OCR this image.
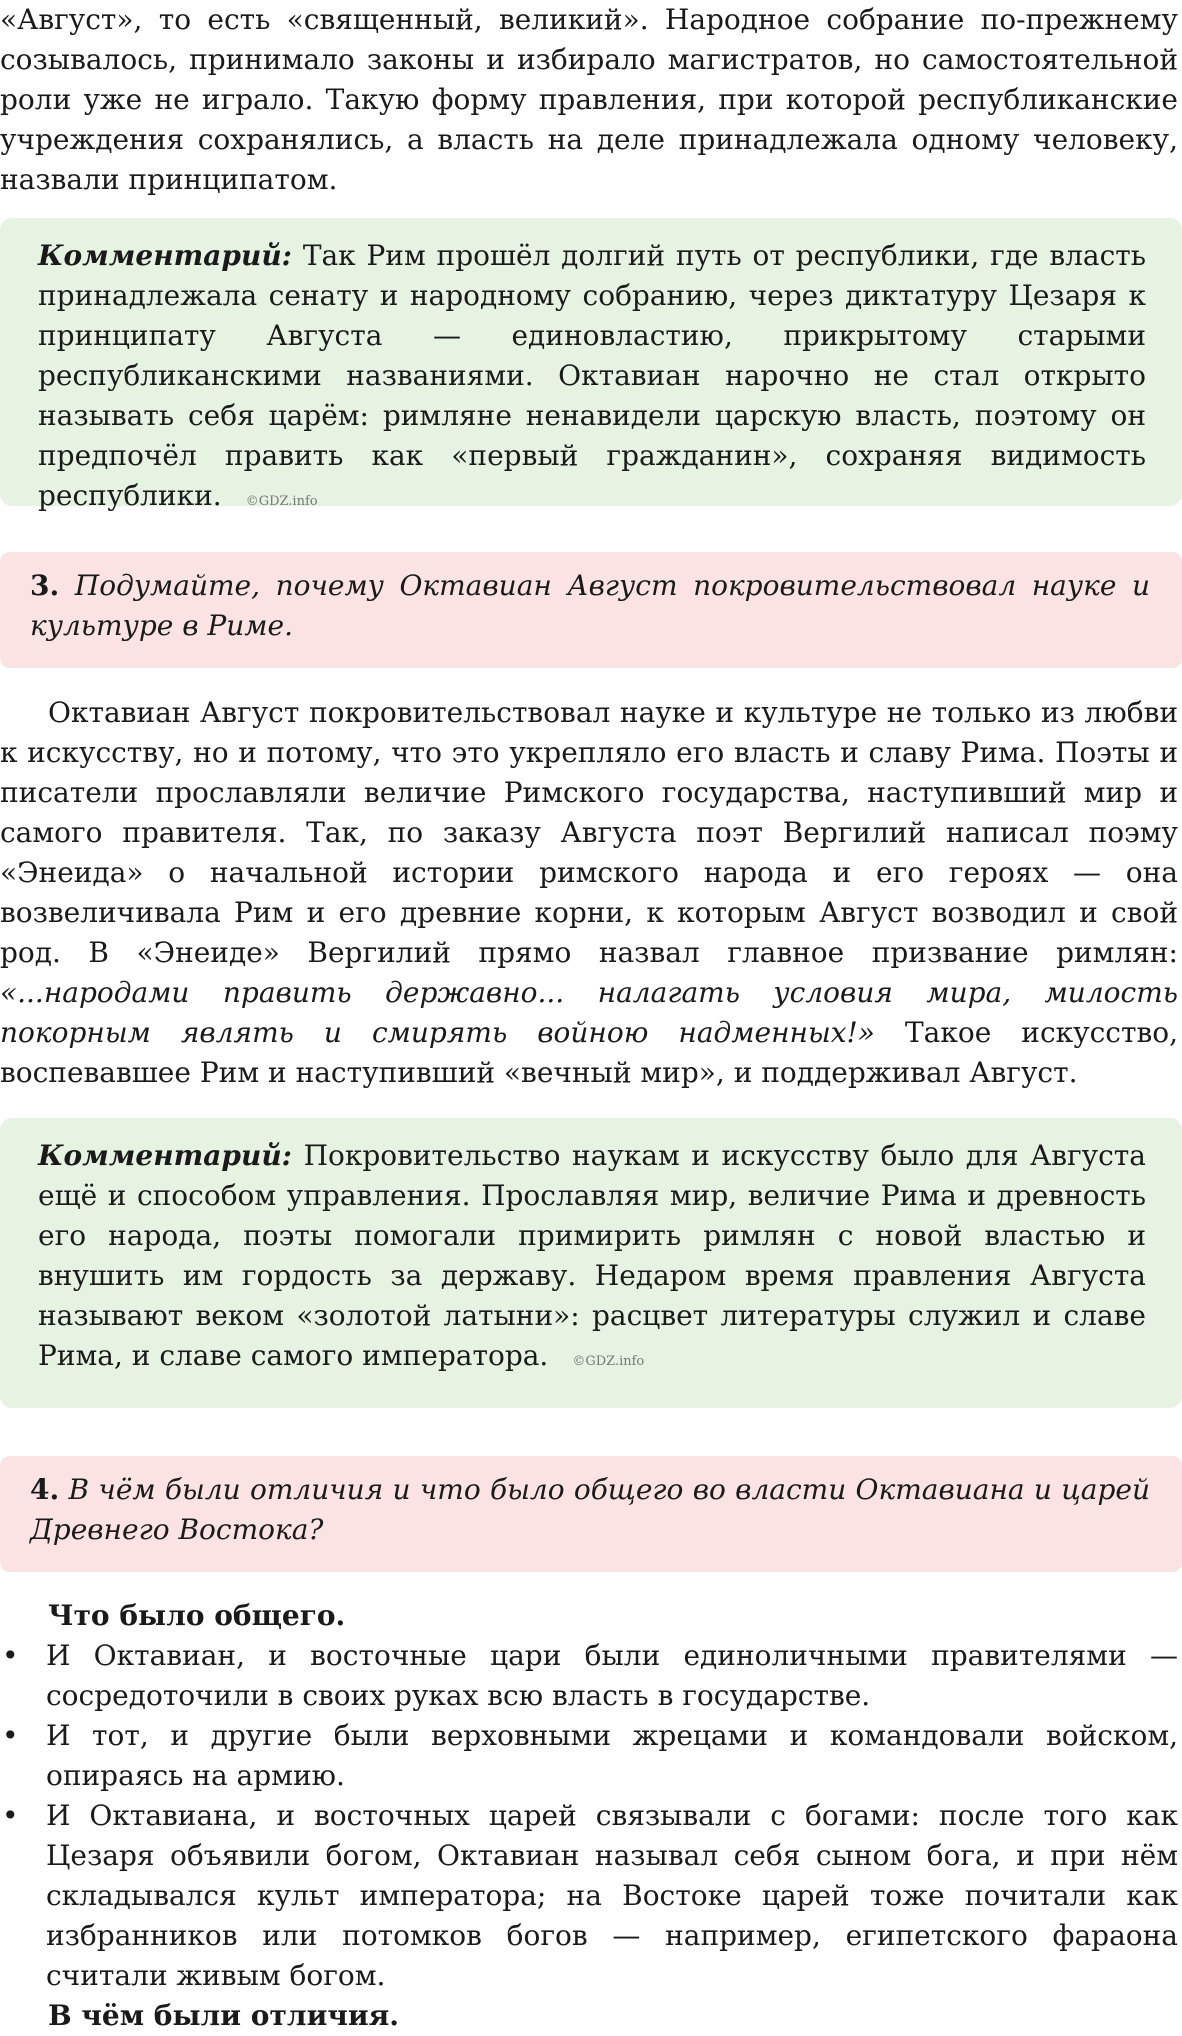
«Август», то есть «священный, великий». Народное собрание по-прежнему созывалось, принимало законы и избирало магистратов, но самостоятельной роли уже не играло. Такую форму правления, при которой республиканские учреждения сохранялись, а власть на деле принадлежала одному человеку, назвали принципатом.

Комментарий: Так Рим прошёл долгий путь от республики, где власть принадлежала сенату и народному собранию, через диктатуру Цезаря к принципату Августа — единовластию, прикрытому старыми республиканскими названиями. Октавиан нарочно не стал открыто называть себя царём: римляне ненавидели царскую власть, поэтому он предпочёл править как «первый гражданин», сохраняя видимость республики. ©GDZ.info

3. Подумайте, почему Октавиан Август покровительствовал науке и культуре в Риме.

Октавиан Август покровительствовал науке и культуре не только из любви к искусству, но и потому, что это укрепляло его власть и славу Рима. Поэты и писатели прославляли величие Римского государства, наступивший мир и самого правителя. Так, по заказу Августа поэт Вергилий написал поэму «Энеида» о начальной истории римского народа и его героях — она возвеличивала Рим и его древние корни, к которым Август возводил и свой род. В «Энеиде» Вергилий прямо назвал главное призвание римлян: «...народами править державно... налагать условия мира, милость покорным являть и смирять войною надменных!» Такое искусство, воспевавшее Рим и наступивший «вечный мир», и поддерживал Август.

Комментарий: Покровительство наукам и искусству было для Августа ещё и способом управления. Прославляя мир, величие Рима и древность его народа, поэты помогали примирить римлян с новой властью и внушить им гордость за державу. Недаром время правления Августа называют веком «золотой латыни»: расцвет литературы служил и славе Рима, и славе самого императора. ©GDZ.info

4. В чём были отличия и что было общего во власти Октавиана и царей Древнего Востока?

Что было общего.

• И Октавиан, и восточные цари были единоличными правителями — сосредоточили в своих руках всю власть в государстве.
• И тот, и другие были верховными жрецами и командовали войском, опираясь на армию.
• И Октавиана, и восточных царей связывали с богами: после того как Цезаря объявили богом, Октавиан называл себя сыном бога, и при нём складывался культ императора; на Востоке царей тоже почитали как избранников или потомков богов — например, египетского фараона считали живым богом.

В чём были отличия.
